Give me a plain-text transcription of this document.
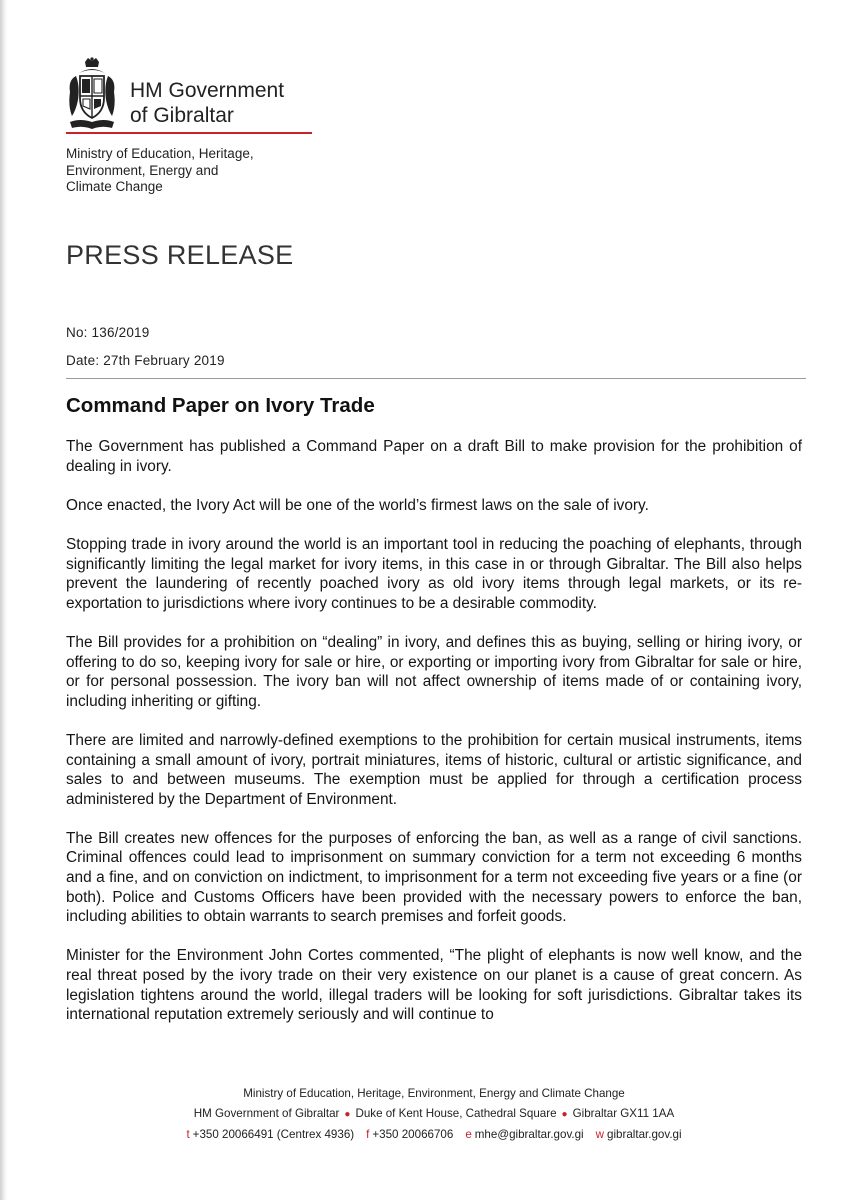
HM Government
of Gibraltar
Ministry of Education, Heritage,
Environment, Energy and
Climate Change
PRESS RELEASE
No: 136/2019
Date: 27th February 2019
Command Paper on Ivory Trade

The Government has published a Command Paper on a draft Bill to make provision for the prohibition of dealing in ivory.

Once enacted, the Ivory Act will be one of the world’s firmest laws on the sale of ivory.

Stopping trade in ivory around the world is an important tool in reducing the poaching of elephants, through significantly limiting the legal market for ivory items, in this case in or through Gibraltar. The Bill also helps prevent the laundering of recently poached ivory as old ivory items through legal markets, or its re-exportation to jurisdictions where ivory continues to be a desirable commodity.

The Bill provides for a prohibition on “dealing” in ivory, and defines this as buying, selling or hiring ivory, or offering to do so, keeping ivory for sale or hire, or exporting or importing ivory from Gibraltar for sale or hire, or for personal possession. The ivory ban will not affect ownership of items made of or containing ivory, including inheriting or gifting.

There are limited and narrowly-defined exemptions to the prohibition for certain musical instruments, items containing a small amount of ivory, portrait miniatures, items of historic, cultural or artistic significance, and sales to and between museums. The exemption must be applied for through a certification process administered by the Department of Environment.

The Bill creates new offences for the purposes of enforcing the ban, as well as a range of civil sanctions. Criminal offences could lead to imprisonment on summary conviction for a term not exceeding 6 months and a fine, and on conviction on indictment, to imprisonment for a term not exceeding five years or a fine (or both). Police and Customs Officers have been provided with the necessary powers to enforce the ban, including abilities to obtain warrants to search premises and forfeit goods.

Minister for the Environment John Cortes commented, “The plight of elephants is now well know, and the real threat posed by the ivory trade on their very existence on our planet is a cause of great concern. As legislation tightens around the world, illegal traders will be looking for soft jurisdictions. Gibraltar takes its international reputation extremely seriously and will continue to

Ministry of Education, Heritage, Environment, Energy and Climate Change
HM Government of Gibraltar ● Duke of Kent House, Cathedral Square ● Gibraltar GX11 1AA
t +350 20066491 (Centrex 4936) f +350 20066706 e mhe@gibraltar.gov.gi w gibraltar.gov.gi
